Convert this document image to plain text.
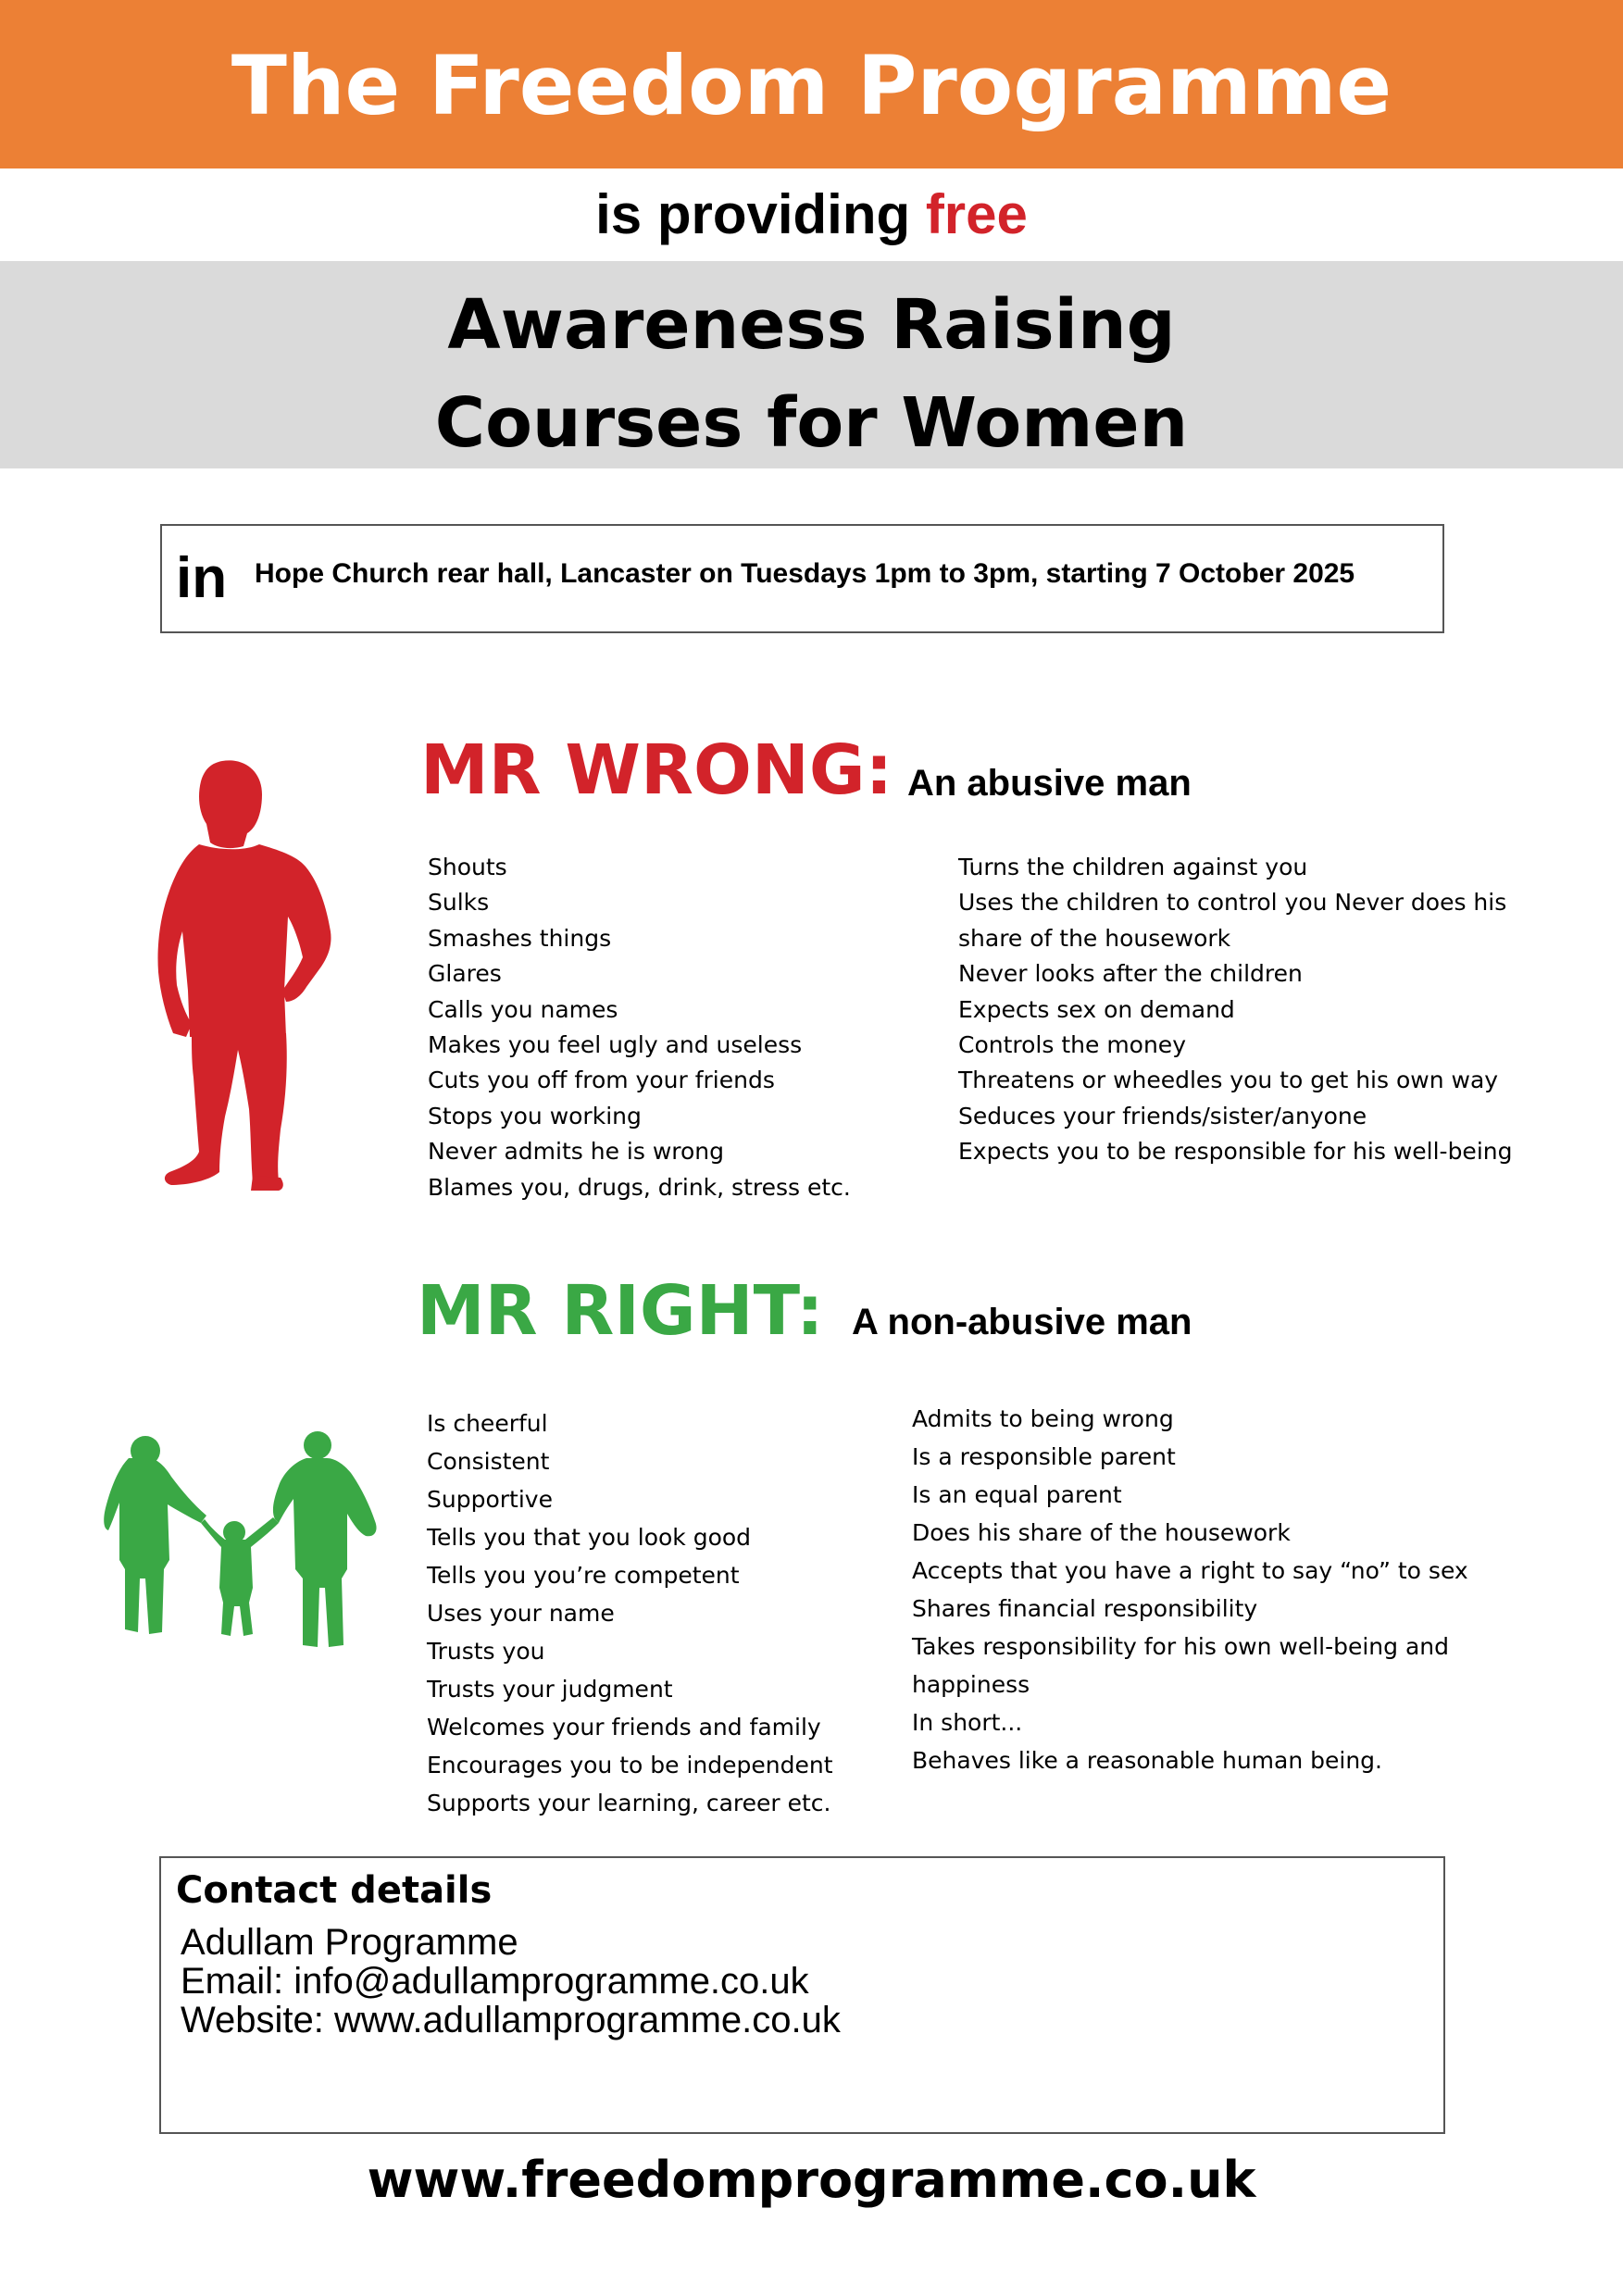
The Freedom Programme
is providing free
Awareness Raising
Courses for Women
in Hope Church rear hall, Lancaster on Tuesdays 1pm to 3pm, starting 7 October 2025
MR WRONG: An abusive man
Shouts
Sulks
Smashes things
Glares
Calls you names
Makes you feel ugly and useless
Cuts you off from your friends
Stops you working
Never admits he is wrong
Blames you, drugs, drink, stress etc.
Turns the children against you
Uses the children to control you Never does his
share of the housework
Never looks after the children
Expects sex on demand
Controls the money
Threatens or wheedles you to get his own way
Seduces your friends/sister/anyone
Expects you to be responsible for his well-being
MR RIGHT: A non-abusive man
Is cheerful
Consistent
Supportive
Tells you that you look good
Tells you you’re competent
Uses your name
Trusts you
Trusts your judgment
Welcomes your friends and family
Encourages you to be independent
Supports your learning, career etc.
Admits to being wrong
Is a responsible parent
Is an equal parent
Does his share of the housework
Accepts that you have a right to say “no” to sex
Shares financial responsibility
Takes responsibility for his own well-being and
happiness
In short...
Behaves like a reasonable human being.
Contact details
Adullam Programme
Email: info@adullamprogramme.co.uk
Website: www.adullamprogramme.co.uk
www.freedomprogramme.co.uk
